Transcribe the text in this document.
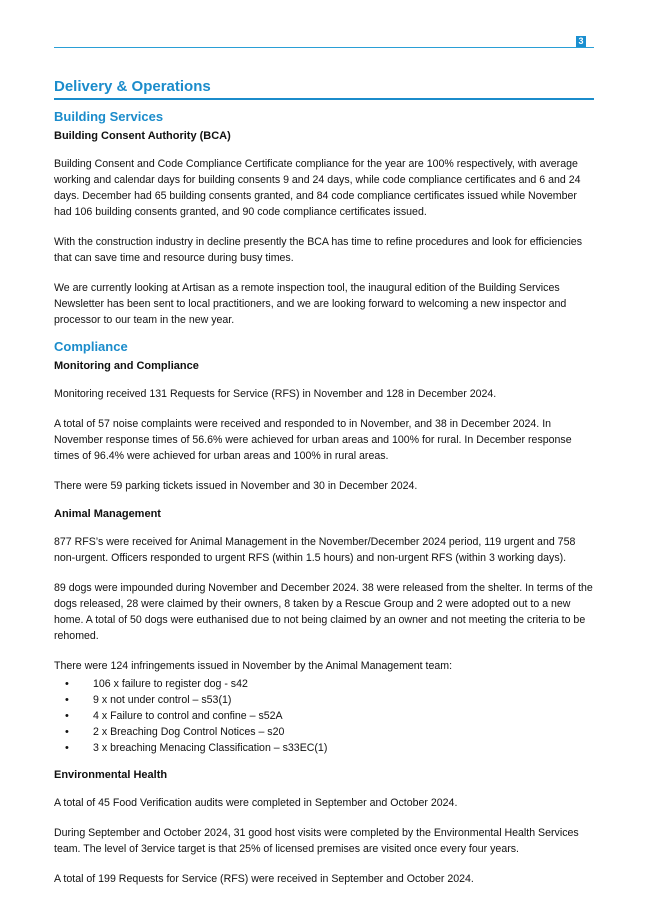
3
Delivery & Operations
Building Services
Building Consent Authority (BCA)

Building Consent and Code Compliance Certificate compliance for the year are 100% respectively, with average working and calendar days for building consents 9 and 24 days, while code compliance certificates and 6 and 24 days. December had 65 building consents granted, and 84 code compliance certificates issued while November had 106 building consents granted, and 90 code compliance certificates issued.

With the construction industry in decline presently the BCA has time to refine procedures and look for efficiencies that can save time and resource during busy times.

We are currently looking at Artisan as a remote inspection tool, the inaugural edition of the Building Services Newsletter has been sent to local practitioners, and we are looking forward to welcoming a new inspector and processor to our team in the new year.

Compliance
Monitoring and Compliance

Monitoring received 131 Requests for Service (RFS) in November and 128 in December 2024.

A total of 57 noise complaints were received and responded to in November, and 38 in December 2024. In November response times of 56.6% were achieved for urban areas and 100% for rural. In December response times of 96.4% were achieved for urban areas and 100% in rural areas.

There were 59 parking tickets issued in November and 30 in December 2024.

Animal Management

877 RFS’s were received for Animal Management in the November/December 2024 period, 119 urgent and 758 non-urgent. Officers responded to urgent RFS (within 1.5 hours) and non-urgent RFS (within 3 working days).

89 dogs were impounded during November and December 2024. 38 were released from the shelter. In terms of the dogs released, 28 were claimed by their owners, 8 taken by a Rescue Group and 2 were adopted out to a new home. A total of 50 dogs were euthanised due to not being claimed by an owner and not meeting the criteria to be rehomed.

There were 124 infringements issued in November by the Animal Management team:

• 106 x failure to register dog - s42
• 9 x not under control – s53(1)
• 4 x Failure to control and confine – s52A
• 2 x Breaching Dog Control Notices – s20
• 3 x breaching Menacing Classification – s33EC(1)
Environmental Health

A total of 45 Food Verification audits were completed in September and October 2024.

During September and October 2024, 31 good host visits were completed by the Environmental Health Services team. The level of 3ervice target is that 25% of licensed premises are visited once every four years.

A total of 199 Requests for Service (RFS) were received in September and October 2024.
